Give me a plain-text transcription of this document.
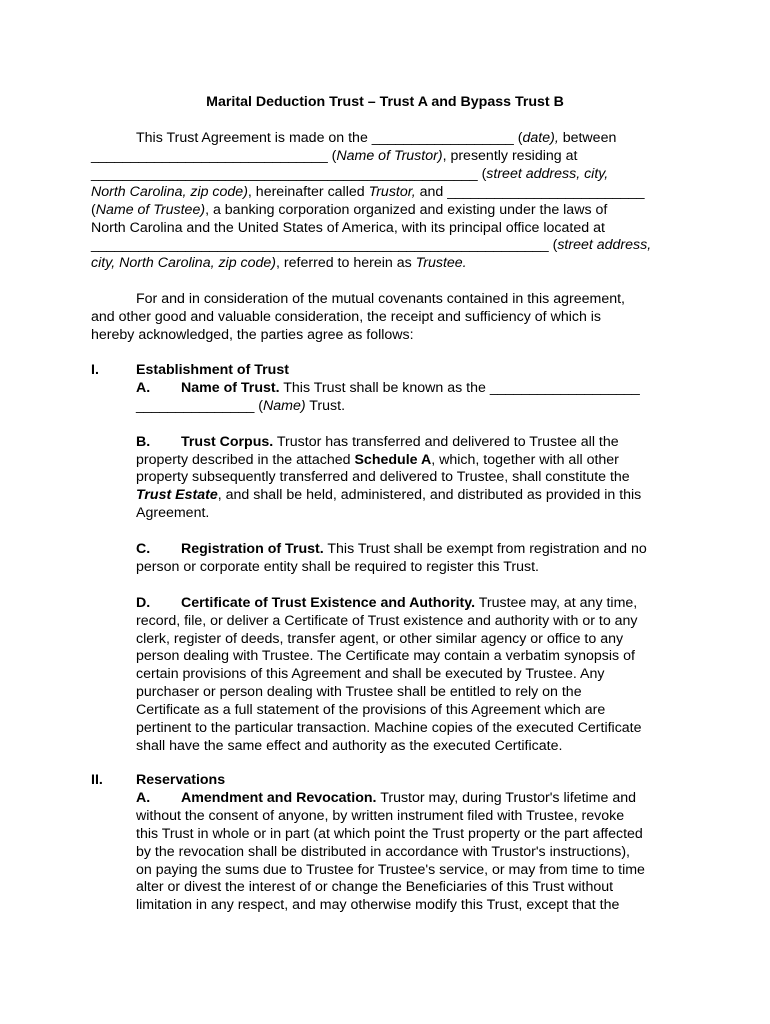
Marital Deduction Trust – Trust A and Bypass Trust B
This Trust Agreement is made on the __________________ (date), between
______________________________ (Name of Trustor), presently residing at
_________________________________________________ (street address, city,
North Carolina, zip code), hereinafter called Trustor, and _________________________
(Name of Trustee), a banking corporation organized and existing under the laws of
North Carolina and the United States of America, with its principal office located at
__________________________________________________________ (street address,
city, North Carolina, zip code), referred to herein as Trustee.
For and in consideration of the mutual covenants contained in this agreement,
and other good and valuable consideration, the receipt and sufficiency of which is
hereby acknowledged, the parties agree as follows:
I.	Establishment of Trust
A. Name of Trust. This Trust shall be known as the ___________________
_______________ (Name) Trust.
B. Trust Corpus. Trustor has transferred and delivered to Trustee all the
property described in the attached Schedule A, which, together with all other
property subsequently transferred and delivered to Trustee, shall constitute the
Trust Estate, and shall be held, administered, and distributed as provided in this
Agreement.
C. Registration of Trust. This Trust shall be exempt from registration and no
person or corporate entity shall be required to register this Trust.
D. Certificate of Trust Existence and Authority. Trustee may, at any time,
record, file, or deliver a Certificate of Trust existence and authority with or to any
clerk, register of deeds, transfer agent, or other similar agency or office to any
person dealing with Trustee. The Certificate may contain a verbatim synopsis of
certain provisions of this Agreement and shall be executed by Trustee. Any
purchaser or person dealing with Trustee shall be entitled to rely on the
Certificate as a full statement of the provisions of this Agreement which are
pertinent to the particular transaction. Machine copies of the executed Certificate
shall have the same effect and authority as the executed Certificate.
II. Reservations
A. Amendment and Revocation. Trustor may, during Trustor's lifetime and
without the consent of anyone, by written instrument filed with Trustee, revoke
this Trust in whole or in part (at which point the Trust property or the part affected
by the revocation shall be distributed in accordance with Trustor's instructions),
on paying the sums due to Trustee for Trustee's service, or may from time to time
alter or divest the interest of or change the Beneficiaries of this Trust without
limitation in any respect, and may otherwise modify this Trust, except that the
